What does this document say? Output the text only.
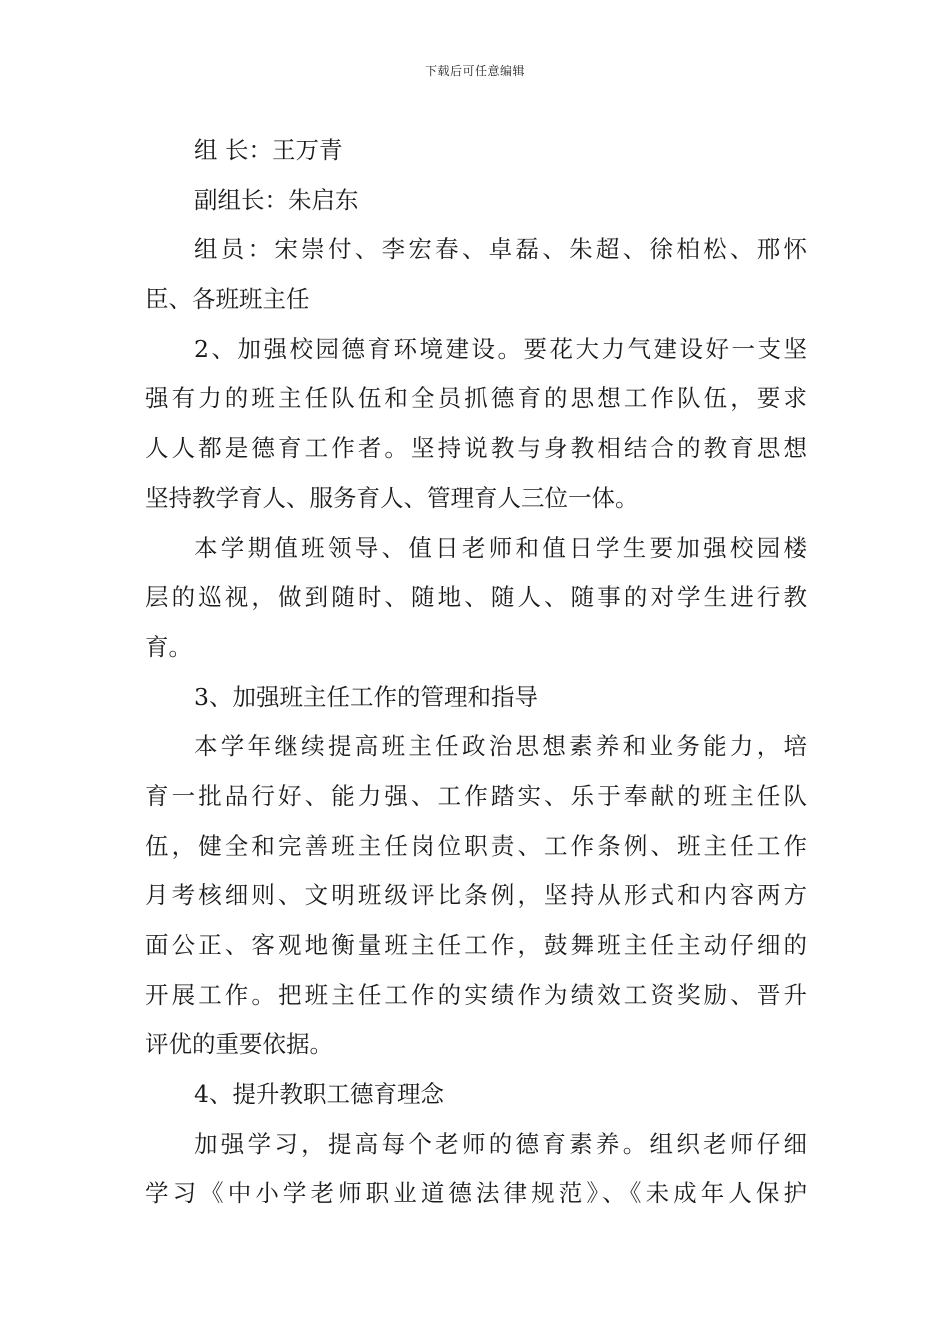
下载后可任意编辑
组 长：王万青
副组长：朱启东
组员：宋崇付、李宏春、卓磊、朱超、徐柏松、邢怀
臣、各班班主任
2、加强校园德育环境建设。要花大力气建设好一支坚
强有力的班主任队伍和全员抓德育的思想工作队伍，要求
人人都是德育工作者。坚持说教与身教相结合的教育思想
坚持教学育人、服务育人、管理育人三位一体。
本学期值班领导、值日老师和值日学生要加强校园楼
层的巡视，做到随时、随地、随人、随事的对学生进行教
育。
3、加强班主任工作的管理和指导
本学年继续提高班主任政治思想素养和业务能力，培
育一批品行好、能力强、工作踏实、乐于奉献的班主任队
伍，健全和完善班主任岗位职责、工作条例、班主任工作
月考核细则、文明班级评比条例，坚持从形式和内容两方
面公正、客观地衡量班主任工作，鼓舞班主任主动仔细的
开展工作。把班主任工作的实绩作为绩效工资奖励、晋升
评优的重要依据。
4、提升教职工德育理念
加强学习，提高每个老师的德育素养。组织老师仔细
学习《中小学老师职业道德法律规范》、《未成年人保护
